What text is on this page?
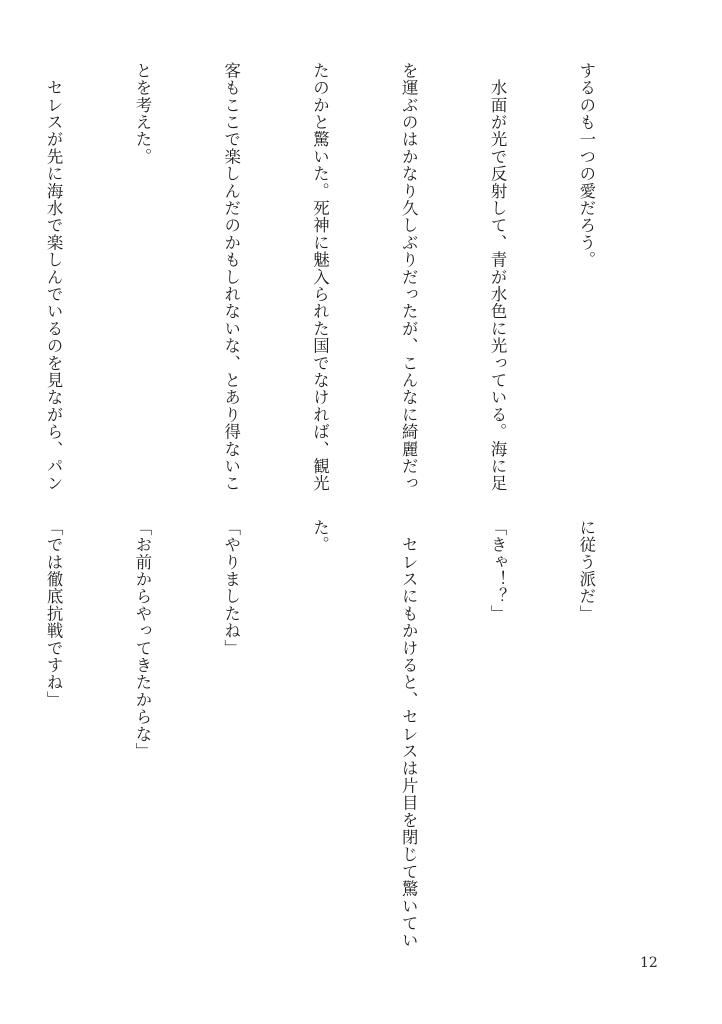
するのも一つの愛だろう。

　水面が光で反射して、青が水色に光っている。海に足

を運ぶのはかなり久しぶりだったが、こんなに綺麗だっ

たのかと驚いた。死神に魅入られた国でなければ、観光

客もここで楽しんだのかもしれないな、とあり得ないこ

とを考えた。

　セレスが先に海水で楽しんでいるのを見ながら、パン

に従う派だ」

「きゃ！？」

　セレスにもかけると、セレスは片目を閉じて驚いてい

た。

「やりましたね」

「お前からやってきたからな」

「では徹底抗戦ですね」

12
